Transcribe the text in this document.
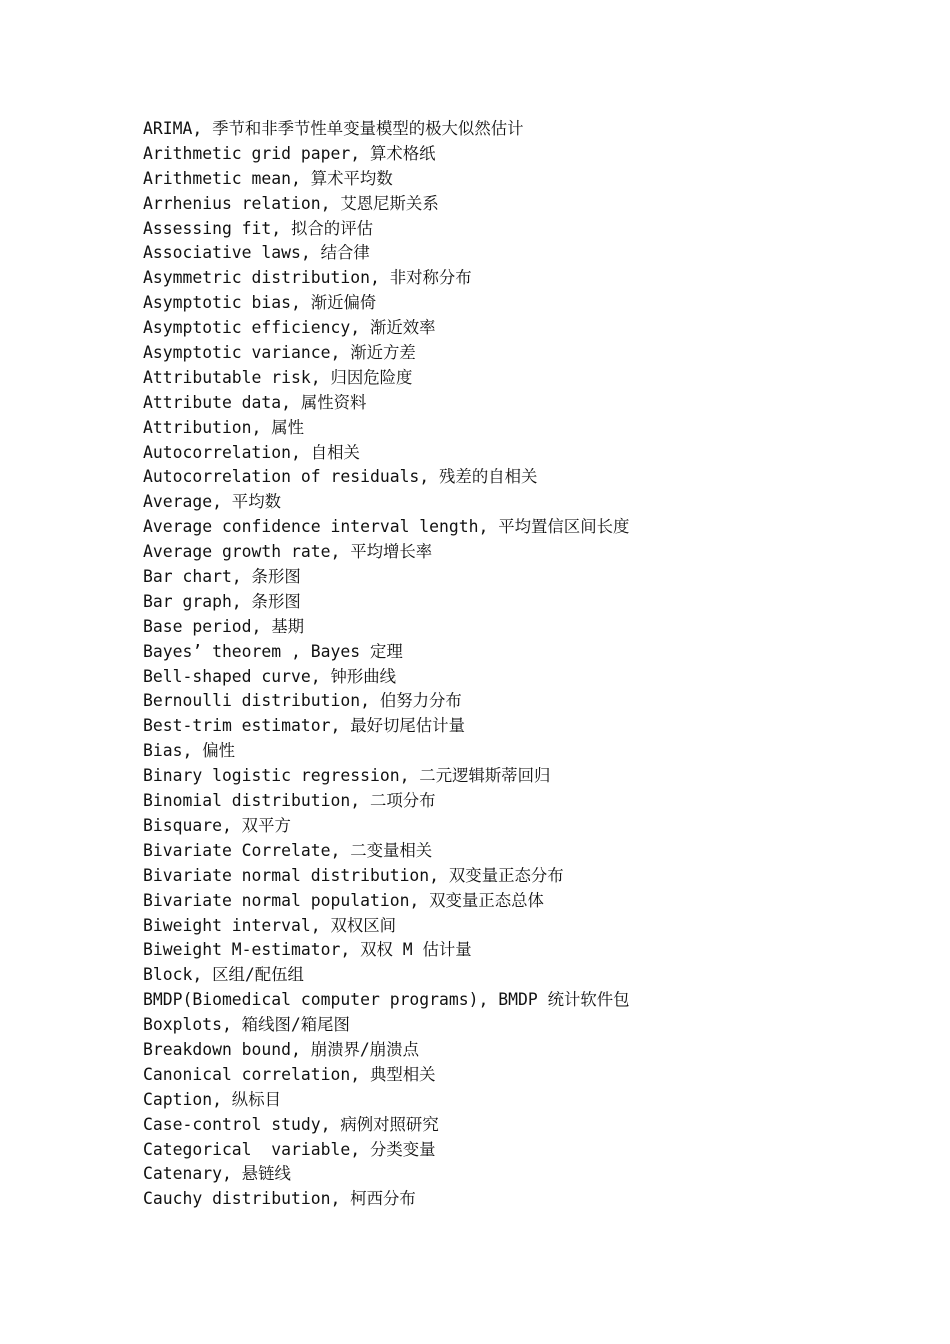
ARIMA, 季节和非季节性单变量模型的极大似然估计
Arithmetic grid paper, 算术格纸
Arithmetic mean, 算术平均数
Arrhenius relation, 艾恩尼斯关系
Assessing fit, 拟合的评估
Associative laws, 结合律
Asymmetric distribution, 非对称分布
Asymptotic bias, 渐近偏倚
Asymptotic efficiency, 渐近效率
Asymptotic variance, 渐近方差
Attributable risk, 归因危险度
Attribute data, 属性资料
Attribution, 属性
Autocorrelation, 自相关
Autocorrelation of residuals, 残差的自相关
Average, 平均数
Average confidence interval length, 平均置信区间长度
Average growth rate, 平均增长率
Bar chart, 条形图
Bar graph, 条形图
Base period, 基期
Bayes’ theorem , Bayes 定理
Bell-shaped curve, 钟形曲线
Bernoulli distribution, 伯努力分布
Best-trim estimator, 最好切尾估计量
Bias, 偏性
Binary logistic regression, 二元逻辑斯蒂回归
Binomial distribution, 二项分布
Bisquare, 双平方
Bivariate Correlate, 二变量相关
Bivariate normal distribution, 双变量正态分布
Bivariate normal population, 双变量正态总体
Biweight interval, 双权区间
Biweight M-estimator, 双权 M 估计量
Block, 区组/配伍组
BMDP(Biomedical computer programs), BMDP 统计软件包
Boxplots, 箱线图/箱尾图
Breakdown bound, 崩溃界/崩溃点
Canonical correlation, 典型相关
Caption, 纵标目
Case-control study, 病例对照研究
Categorical  variable, 分类变量
Catenary, 悬链线
Cauchy distribution, 柯西分布
